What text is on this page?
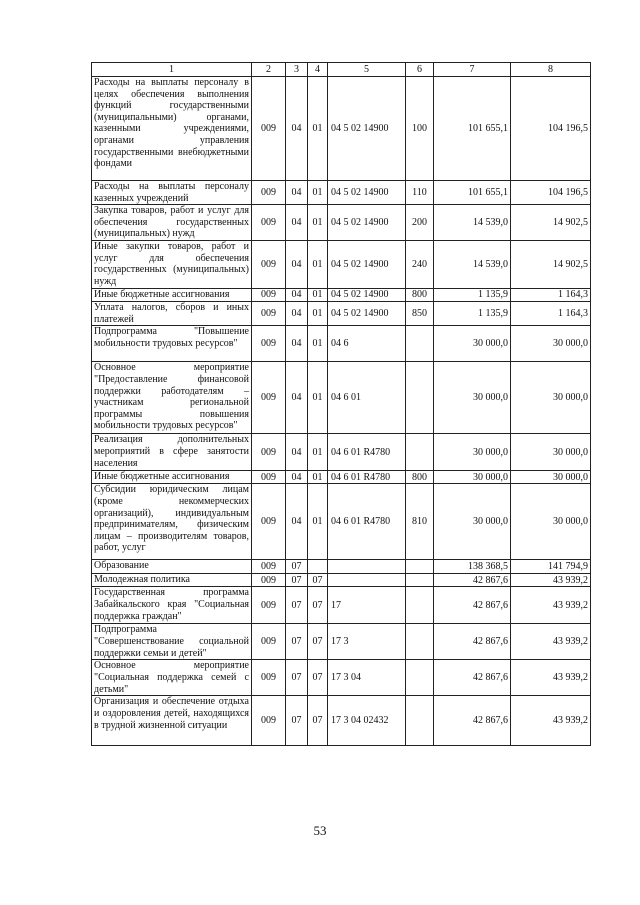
1	2	3	4	5	6	7	8
Расходы на выплаты персоналу в целях обеспечения выполнения функций государственными (муниципальными) органами, казенными учреждениями, органами управления государственными внебюджетными фондами	009	04	01	04 5 02 14900	100	101 655,1	104 196,5
Расходы на выплаты персоналу казенных учреждений	009	04	01	04 5 02 14900	110	101 655,1	104 196,5
Закупка товаров, работ и услуг для обеспечения государственных (муниципальных) нужд	009	04	01	04 5 02 14900	200	14 539,0	14 902,5
Иные закупки товаров, работ и услуг для обеспечения государственных (муниципальных) нужд	009	04	01	04 5 02 14900	240	14 539,0	14 902,5
Иные бюджетные ассигнования	009	04	01	04 5 02 14900	800	1 135,9	1 164,3
Уплата налогов, сборов и иных платежей	009	04	01	04 5 02 14900	850	1 135,9	1 164,3
Подпрограмма "Повышение мобильности трудовых ресурсов"	009	04	01	04 6		30 000,0	30 000,0
Основное мероприятие "Предоставление финансовой поддержки работодателям – участникам региональной программы повышения мобильности трудовых ресурсов"	009	04	01	04 6 01		30 000,0	30 000,0
Реализация дополнительных мероприятий в сфере занятости населения	009	04	01	04 6 01 R4780		30 000,0	30 000,0
Иные бюджетные ассигнования	009	04	01	04 6 01 R4780	800	30 000,0	30 000,0
Субсидии юридическим лицам (кроме некоммерческих организаций), индивидуальным предпринимателям, физическим лицам – производителям товаров, работ, услуг	009	04	01	04 6 01 R4780	810	30 000,0	30 000,0
Образование	009	07				138 368,5	141 794,9
Молодежная политика	009	07	07			42 867,6	43 939,2
Государственная программа Забайкальского края "Социальная поддержка граждан"	009	07	07	17		42 867,6	43 939,2
Подпрограмма "Совершенствование социальной поддержки семьи и детей"	009	07	07	17 3		42 867,6	43 939,2
Основное мероприятие "Социальная поддержка семей с детьми"	009	07	07	17 3 04		42 867,6	43 939,2
Организация и обеспечение отдыха и оздоровления детей, находящихся в трудной жизненной ситуации	009	07	07	17 3 04 02432		42 867,6	43 939,2
53
